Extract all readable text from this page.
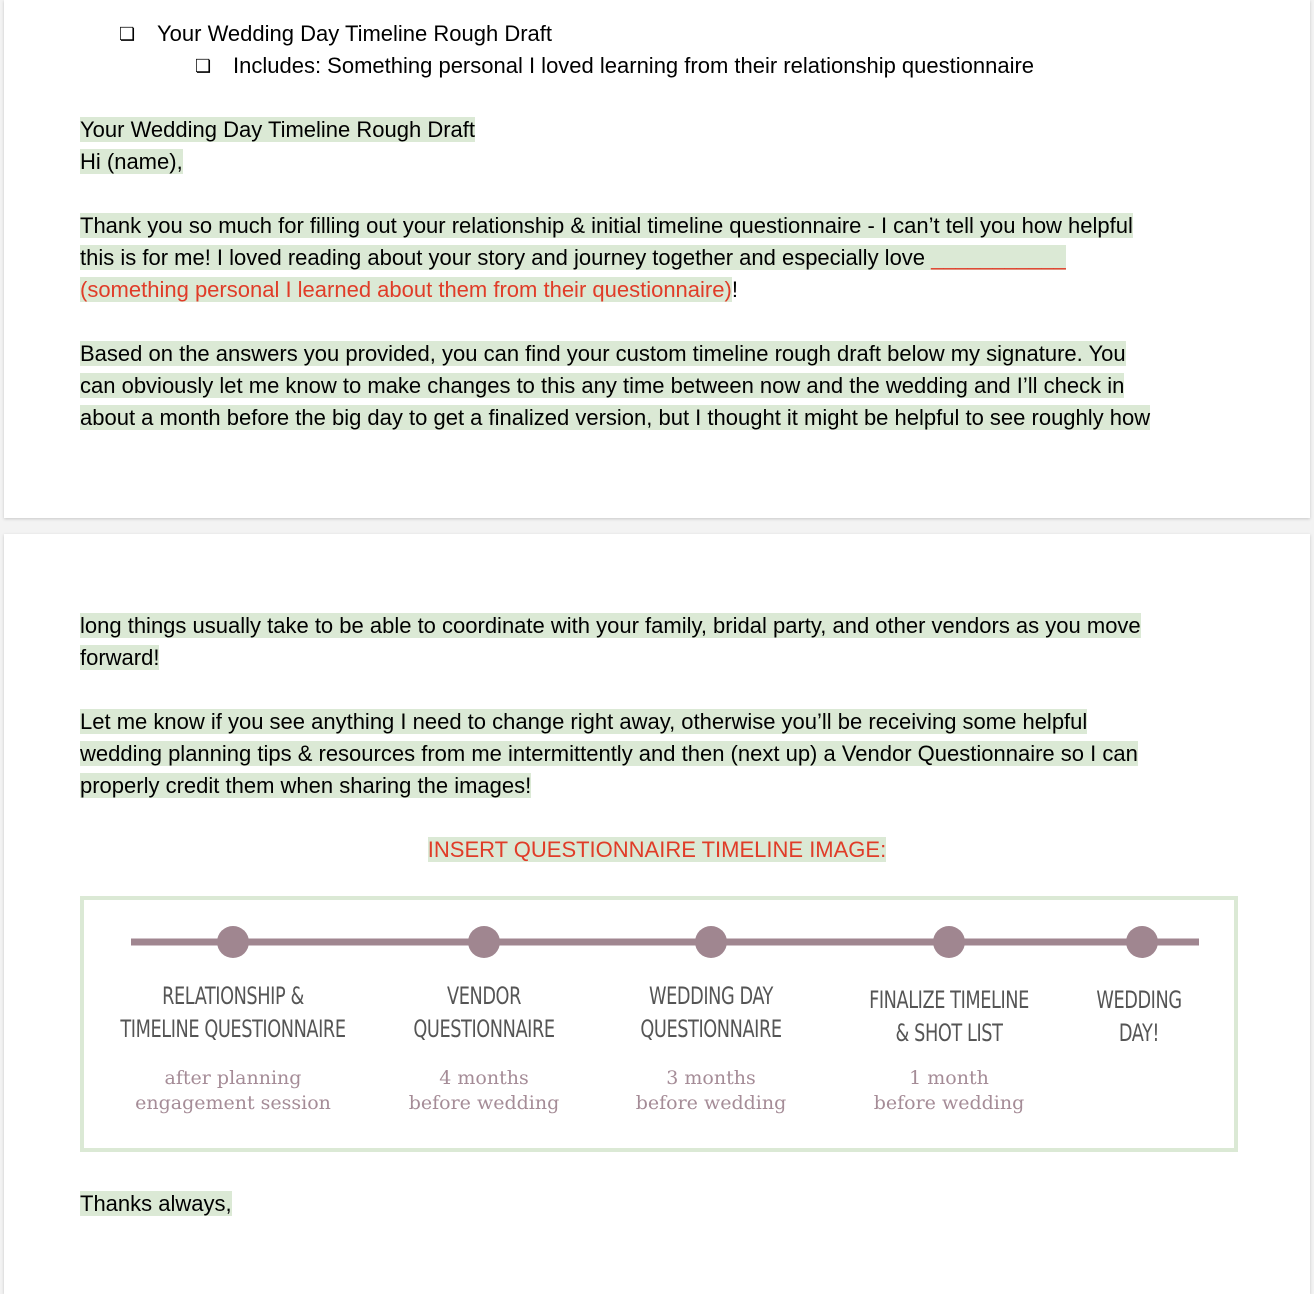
❏ Your Wedding Day Timeline Rough Draft
❏ Includes: Something personal I loved learning from their relationship questionnaire
Your Wedding Day Timeline Rough Draft
Hi (name),
Thank you so much for filling out your relationship & initial timeline questionnaire - I can’t tell you how helpful
this is for me! I loved reading about your story and journey together and especially love ___________
(something personal I learned about them from their questionnaire)!
Based on the answers you provided, you can find your custom timeline rough draft below my signature. You
can obviously let me know to make changes to this any time between now and the wedding and I’ll check in
about a month before the big day to get a finalized version, but I thought it might be helpful to see roughly how
long things usually take to be able to coordinate with your family, bridal party, and other vendors as you move
forward!
Let me know if you see anything I need to change right away, otherwise you’ll be receiving some helpful
wedding planning tips & resources from me intermittently and then (next up) a Vendor Questionnaire so I can
properly credit them when sharing the images!
INSERT QUESTIONNAIRE TIMELINE IMAGE:
RELATIONSHIP &
TIMELINE QUESTIONNAIRE
after planning
engagement session
VENDOR
QUESTIONNAIRE
4 months
before wedding
WEDDING DAY
QUESTIONNAIRE
3 months
before wedding
FINALIZE TIMELINE
& SHOT LIST
1 month
before wedding
WEDDING
DAY!
Thanks always,
